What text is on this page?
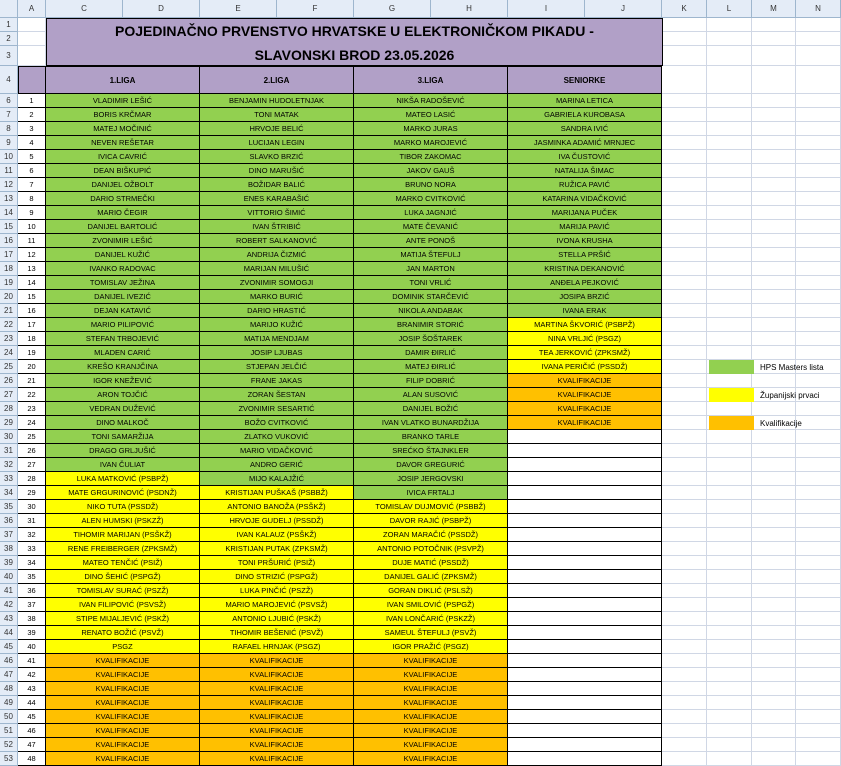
A	C	D	E	F	G	H	I	J	K	L	M	N
1
2
3
4
6	1	VLADIMIR LEŠIĆ	BENJAMIN HUDOLETNJAK	NIKŠA RADOŠEVIĆ	MARINA LETICA
7	2	BORIS KRČMAR	TONI MATAK	MATEO LASIĆ	GABRIELA KUROBASA
8	3	MATEJ MOČINIĆ	HRVOJE BELIĆ	MARKO JURAS	SANDRA IVIĆ
9	4	NEVEN REŠETAR	LUCIJAN LEGIN	MARKO MAROJEVIĆ	JASMINKA ADAMIĆ MRNJEC
10	5	IVICA CAVRIĆ	SLAVKO BRZIĆ	TIBOR ZAKOMAC	IVA ČUSTOVIĆ
11	6	DEAN BIŠKUPIĆ	DINO MARUŠIĆ	JAKOV GAUŠ	NATALIJA ŠIMAC
12	7	DANIJEL OŽBOLT	BOŽIDAR BALIĆ	BRUNO NORA	RUŽICA PAVIĆ
13	8	DARIO STRMEČKI	ENES KARABAŠIĆ	MARKO CVITKOVIĆ	KATARINA VIDAČKOVIĆ
14	9	MARIO ČEGIR	VITTORIO ŠIMIĆ	LUKA JAGNJIĆ	MARIJANA PUČEK
15	10	DANIJEL BARTOLIĆ	IVAN ŠTRIBIĆ	MATE ČEVANIĆ	MARIJA PAVIĆ
16	11	ZVONIMIR LEŠIĆ	ROBERT SALKANOVIĆ	ANTE PONOŠ	IVONA KRUSHA
17	12	DANIJEL KUŽIĆ	ANDRIJA ČIZMIĆ	MATIJA ŠTEFULJ	STELLA PRŠIĆ
18	13	IVANKO RADOVAC	MARIJAN MILUŠIĆ	JAN MARTON	KRISTINA DEKANOVIĆ
19	14	TOMISLAV JEŽINA	ZVONIMIR SOMOGJI	TONI VRLIĆ	ANĐELA PEJKOVIĆ
20	15	DANIJEL IVEZIĆ	MARKO BURIĆ	DOMINIK STARČEVIĆ	JOSIPA BRZIĆ
21	16	DEJAN KATAVIĆ	DARIO HRASTIĆ	NIKOLA ANDABAK	IVANA ERAK
22	17	MARIO PILIPOVIĆ	MARIJO KUŽIĆ	BRANIMIR STORIĆ	MARTINA ŠKVORIĆ (PSBPŽ)
23	18	STEFAN TRBOJEVIĆ	MATIJA MENDJAM	JOSIP ŠOŠTAREK	NINA VRLJIĆ (PSGZ)
24	19	MLADEN CARIĆ	JOSIP LJUBAS	DAMIR ĐIRLIĆ	TEA JERKOVIĆ (ZPKSMŽ)
25	20	KREŠO KRANJČINA	STJEPAN JELČIĆ	MATEJ ĐIRLIĆ	IVANA PERIČIĆ (PSSDŽ)
26	21	IGOR KNEŽEVIĆ	FRANE JAKAS	FILIP DOBRIĆ	KVALIFIKACIJE
27	22	ARON TOJČIĆ	ZORAN ŠESTAN	ALAN SUSOVIĆ	KVALIFIKACIJE
28	23	VEDRAN DUŽEVIĆ	ZVONIMIR SESARTIĆ	DANIJEL BOŽIĆ	KVALIFIKACIJE
29	24	DINO MALKOČ	BOŽO CVITKOVIĆ	IVAN VLATKO BUNARDŽIJA	KVALIFIKACIJE
30	25	TONI SAMARŽIJA	ZLATKO VUKOVIĆ	BRANKO TARLE
31	26	DRAGO GRLJUŠIĆ	MARIO VIDAČKOVIĆ	SREĆKO ŠTAJNKLER
32	27	IVAN ČULIAT	ANDRO GERIĆ	DAVOR GREGURIĆ
33	28	LUKA MATKOVIĆ (PSBPŽ)	MIJO KALAJŽIĆ	JOSIP JERGOVSKI
34	29	MATE GRGURINOVIĆ (PSDNŽ)	KRISTIJAN PUŠKAŠ (PSBBŽ)	IVICA FRTALJ
35	30	NIKO TUTA (PSSDŽ)	ANTONIO BANOŽA (PSŠKŽ)	TOMISLAV DUJMOVIĆ (PSBBŽ)
36	31	ALEN HUMSKI (PSKZŽ)	HRVOJE GUDELJ (PSSDŽ)	DAVOR RAJIĆ (PSBPŽ)
37	32	TIHOMIR MARIJAN (PSŠKŽ)	IVAN KALAUZ (PSŠKŽ)	ZORAN MARAČIĆ (PSSDŽ)
38	33	RENE FREIBERGER (ZPKSMŽ)	KRISTIJAN PUTAK (ZPKSMŽ)	ANTONIO POTOČNIK (PSVPŽ)
39	34	MATEO TENČIĆ (PSIŽ)	TONI PRŠURIĆ (PSIŽ)	DUJE MATIĆ (PSSDŽ)
40	35	DINO ŠEHIĆ (PSPGŽ)	DINO STRIZIĆ (PSPGŽ)	DANIJEL GALIĆ (ZPKSMŽ)
41	36	TOMISLAV SURAĆ (PSZŽ)	LUKA PINČIĆ (PSZŽ)	GORAN DIKLIĆ (PSLSŽ)
42	37	IVAN FILIPOVIĆ (PSVSŽ)	MARIO MAROJEVIĆ (PSVSŽ)	IVAN SMILOVIĆ (PSPGŽ)
43	38	STIPE MIJALJEVIĆ (PSKŽ)	ANTONIO LJUBIĆ (PSKŽ)	IVAN LONČARIĆ (PSKZŽ)
44	39	RENATO BOŽIĆ (PSVŽ)	TIHOMIR BEŠENIĆ (PSVŽ)	SAMEUL ŠTEFULJ (PSVŽ)
45	40	PSGZ	RAFAEL HRNJAK (PSGZ)	IGOR PRAŽIĆ (PSGZ)
46	41	KVALIFIKACIJE	KVALIFIKACIJE	KVALIFIKACIJE
47	42	KVALIFIKACIJE	KVALIFIKACIJE	KVALIFIKACIJE
48	43	KVALIFIKACIJE	KVALIFIKACIJE	KVALIFIKACIJE
49	44	KVALIFIKACIJE	KVALIFIKACIJE	KVALIFIKACIJE
50	45	KVALIFIKACIJE	KVALIFIKACIJE	KVALIFIKACIJE
51	46	KVALIFIKACIJE	KVALIFIKACIJE	KVALIFIKACIJE
52	47	KVALIFIKACIJE	KVALIFIKACIJE	KVALIFIKACIJE
53	48	KVALIFIKACIJE	KVALIFIKACIJE	KVALIFIKACIJE
POJEDINAČNO PRVENSTVO HRVATSKE U ELEKTRONIČKOM PIKADU -
SLAVONSKI BROD 23.05.2026
1.LIGA	2.LIGA	3.LIGA	SENIORKE
HPS Masters lista
Županijski prvaci
Kvalifikacije
